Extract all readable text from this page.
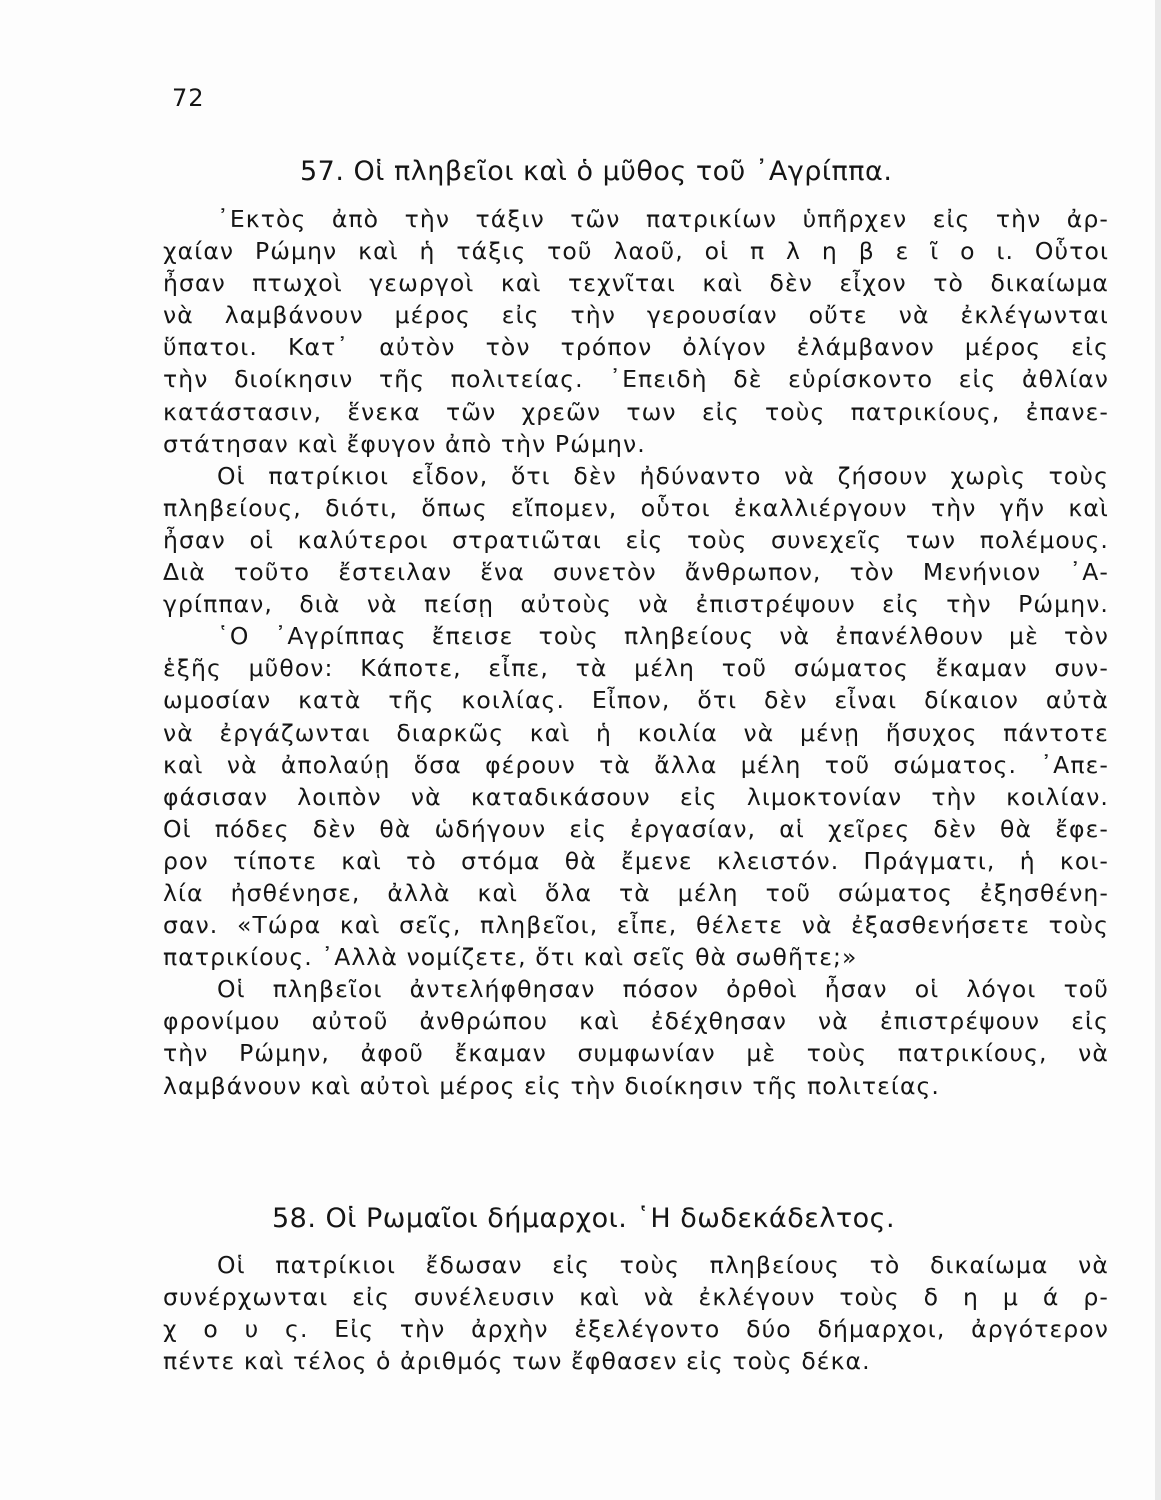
72
57. Οἱ πληβεῖοι καὶ ὁ μῦθος τοῦ ᾿Αγρίππα.
᾿Εκτὸς ἀπὸ τὴν τάξιν τῶν πατρικίων ὑπῆρχεν εἰς τὴν ἀρ-
χαίαν Ρώμην καὶ ἡ τάξις τοῦ λαοῦ, οἱ π λ η β ε ῖ ο ι. Οὗτοι
ἦσαν πτωχοὶ γεωργοὶ καὶ τεχνῖται καὶ δὲν εἶχον τὸ δικαίωμα
νὰ λαμβάνουν μέρος εἰς τὴν γερουσίαν οὔτε νὰ ἐκλέγωνται
ὕπατοι. Κατ᾿ αὐτὸν τὸν τρόπον ὀλίγον ἐλάμβανον μέρος εἰς
τὴν διοίκησιν τῆς πολιτείας. ᾿Επειδὴ δὲ εὑρίσκοντο εἰς ἀθλίαν
κατάστασιν, ἕνεκα τῶν χρεῶν των εἰς τοὺς πατρικίους, ἐπανε-
στάτησαν καὶ ἔφυγον ἀπὸ τὴν Ρώμην.
Οἱ πατρίκιοι εἶδον, ὅτι δὲν ἠδύναντο νὰ ζήσουν χωρὶς τοὺς
πληβείους, διότι, ὅπως εἴπομεν, οὗτοι ἐκαλλιέργουν τὴν γῆν καὶ
ἦσαν οἱ καλύτεροι στρατιῶται εἰς τοὺς συνεχεῖς των πολέμους.
Διὰ τοῦτο ἔστειλαν ἕνα συνετὸν ἄνθρωπον, τὸν Μενήνιον ᾿Α-
γρίππαν, διὰ νὰ πείσῃ αὐτοὺς νὰ ἐπιστρέψουν εἰς τὴν Ρώμην.
῾Ο ᾿Αγρίππας ἔπεισε τοὺς πληβείους νὰ ἐπανέλθουν μὲ τὸν
ἑξῆς μῦθον: Κάποτε, εἶπε, τὰ μέλη τοῦ σώματος ἔκαμαν συν-
ωμοσίαν κατὰ τῆς κοιλίας. Εἶπον, ὅτι δὲν εἶναι δίκαιον αὐτὰ
νὰ ἐργάζωνται διαρκῶς καὶ ἡ κοιλία νὰ μένῃ ἥσυχος πάντοτε
καὶ νὰ ἀπολαύῃ ὅσα φέρουν τὰ ἄλλα μέλη τοῦ σώματος. ᾿Απε-
φάσισαν λοιπὸν νὰ καταδικάσουν εἰς λιμοκτονίαν τὴν κοιλίαν.
Οἱ πόδες δὲν θὰ ὡδήγουν εἰς ἐργασίαν, αἱ χεῖρες δὲν θὰ ἔφε-
ρον τίποτε καὶ τὸ στόμα θὰ ἔμενε κλειστόν. Πράγματι, ἡ κοι-
λία ἠσθένησε, ἀλλὰ καὶ ὅλα τὰ μέλη τοῦ σώματος ἐξησθένη-
σαν. «Τώρα καὶ σεῖς, πληβεῖοι, εἶπε, θέλετε νὰ ἐξασθενήσετε τοὺς
πατρικίους. ᾿Αλλὰ νομίζετε, ὅτι καὶ σεῖς θὰ σωθῆτε;»
Οἱ πληβεῖοι ἀντελήφθησαν πόσον ὀρθοὶ ἦσαν οἱ λόγοι τοῦ
φρονίμου αὐτοῦ ἀνθρώπου καὶ ἐδέχθησαν νὰ ἐπιστρέψουν εἰς
τὴν Ρώμην, ἀφοῦ ἔκαμαν συμφωνίαν μὲ τοὺς πατρικίους, νὰ
λαμβάνουν καὶ αὐτοὶ μέρος εἰς τὴν διοίκησιν τῆς πολιτείας.
58. Οἱ Ρωμαῖοι δήμαρχοι. ῾Η δωδεκάδελτος.
Οἱ πατρίκιοι ἔδωσαν εἰς τοὺς πληβείους τὸ δικαίωμα νὰ
συνέρχωνται εἰς συνέλευσιν καὶ νὰ ἐκλέγουν τοὺς δ η μ ά ρ-
χ ο υ ς. Εἰς τὴν ἀρχὴν ἐξελέγοντο δύο δήμαρχοι, ἀργότερον
πέντε καὶ τέλος ὁ ἀριθμός των ἔφθασεν εἰς τοὺς δέκα.
